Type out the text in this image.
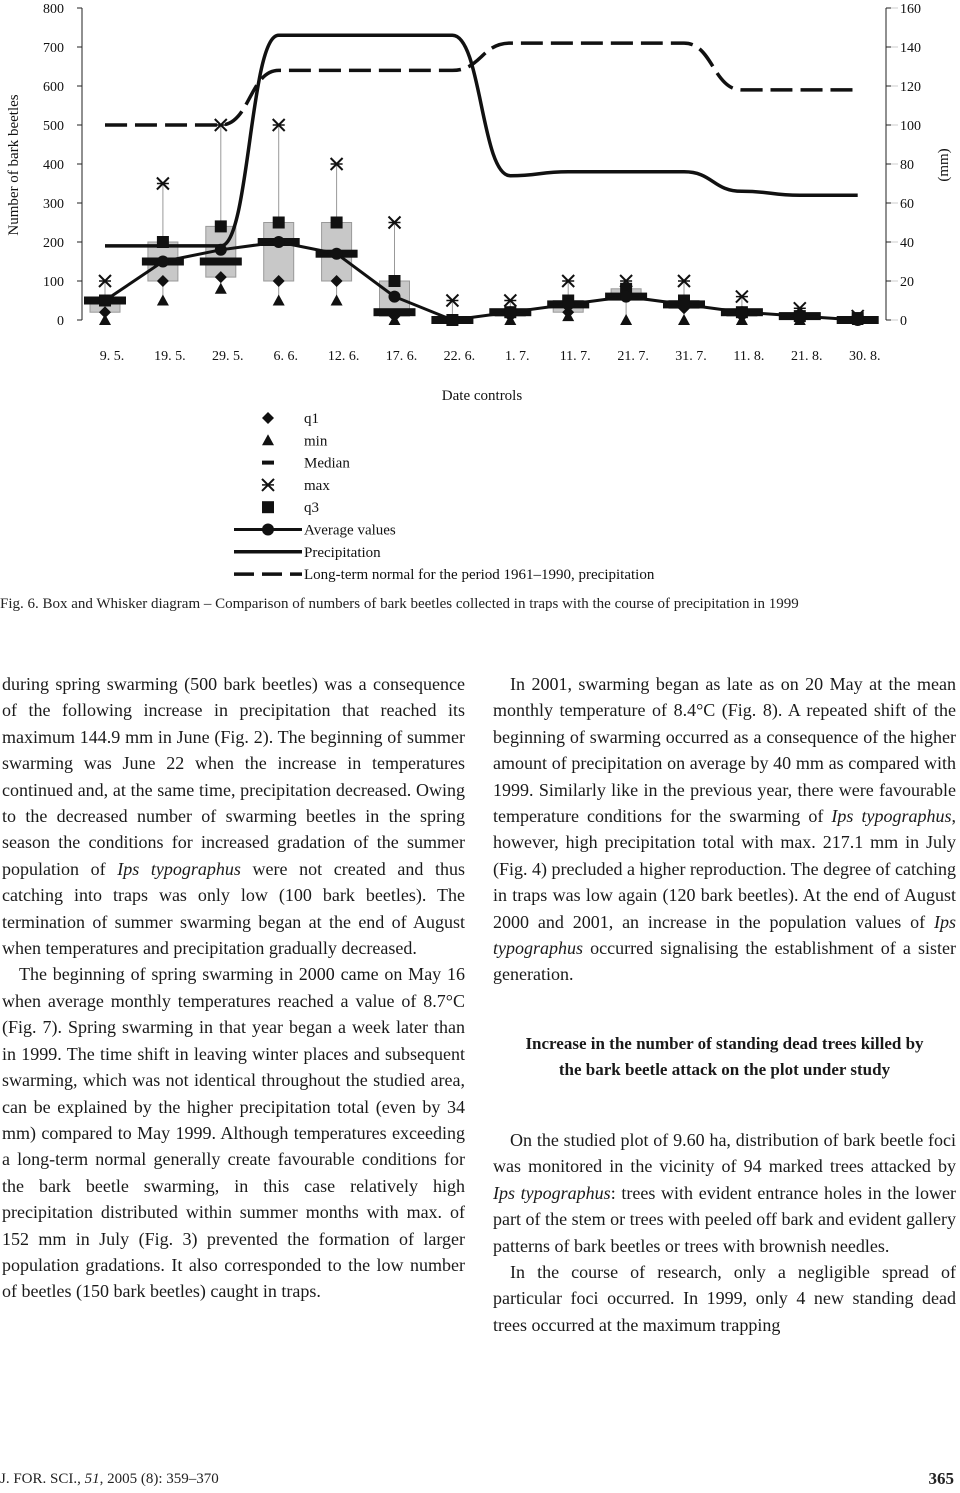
Number of bark beetles	(mm)
0
100
200
300
400
500
600
700
800
0
20
40
60
80
100
120
140
160
9. 5. 19. 5. 29. 5. 6. 6. 12. 6. 17. 6. 22. 6. 1. 7. 11. 7. 21. 7. 31. 7. 11. 8. 21. 8. 30. 8.
Date controls
q1
min
Median
max
q3
Average values
Precipitation
Long-term normal for the period 1961–1990, precipitation
Fig. 6. Box and Whisker diagram – Comparison of numbers of bark beetles collected in traps with the course of precipitation in 1999

during spring swarming (500 bark beetles) was a consequence of the following increase in precipitation that reached its maximum 144.9 mm in June (Fig. 2). The beginning of summer swarming was June 22 when the increase in temperatures continued and, at the same time, precipitation decreased. Owing to the decreased number of swarming beetles in the spring season the conditions for increased gradation of the summer population of Ips typographus were not created and thus catching into traps was only low (100 bark beetles). The termination of summer swarming began at the end of August when temperatures and precipitation gradually decreased.

The beginning of spring swarming in 2000 came on May 16 when average monthly temperatures reached a value of 8.7°C (Fig. 7). Spring swarming in that year began a week later than in 1999. The time shift in leaving winter places and subsequent swarming, which was not identical throughout the studied area, can be explained by the higher precipitation total (even by 34 mm) compared to May 1999. Although temperatures exceeding a long-term normal generally create favourable conditions for the bark beetle swarming, in this case relatively high precipitation distributed within summer months with max. of 152 mm in July (Fig. 3) prevented the formation of larger population gradations. It also corresponded to the low number of beetles (150 bark beetles) caught in traps.

In 2001, swarming began as late as on 20 May at the mean monthly temperature of 8.4°C (Fig. 8). A repeated shift of the beginning of swarming occurred as a consequence of the higher amount of precipitation on average by 40 mm as compared with 1999. Similarly like in the previous year, there were favourable temperature conditions for the swarming of Ips typographus, however, high precipitation total with max. 217.1 mm in July (Fig. 4) precluded a higher reproduction. The degree of catching in traps was low again (120 bark beetles). At the end of August 2000 and 2001, an increase in the population values of Ips typographus occurred signalising the establishment of a sister generation.

Increase in the number of standing dead trees killed by the bark beetle attack on the plot under study

On the studied plot of 9.60 ha, distribution of bark beetle foci was monitored in the vicinity of 94 marked trees attacked by Ips typographus: trees with evident entrance holes in the lower part of the stem or trees with peeled off bark and evident gallery patterns of bark beetles or trees with brownish needles.

In the course of research, only a negligible spread of particular foci occurred. In 1999, only 4 new standing dead trees occurred at the maximum trapping

J. FOR. SCI., 51, 2005 (8): 359–370	365
